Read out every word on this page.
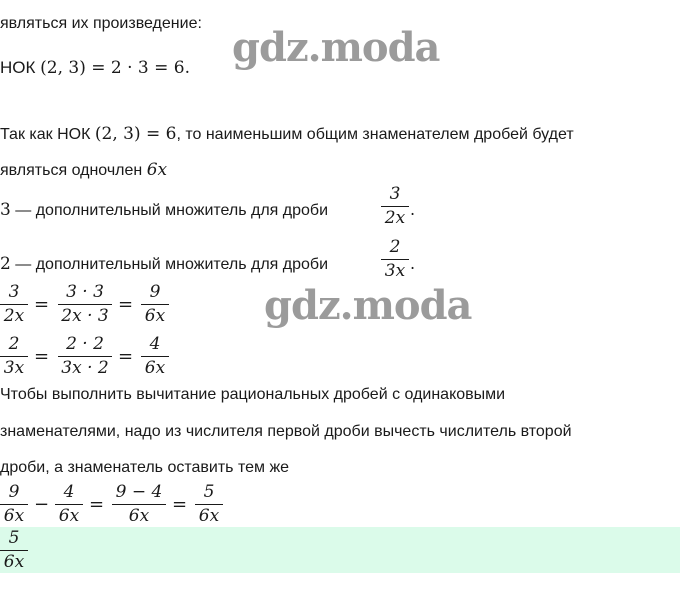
gdz.moda
gdz.moda
являться их произведение:
НОК (2, 3) = 2 · 3 = 6.
Так как НОК (2, 3) = 6, то наименьшим общим знаменателем дробей будет
являться одночлен 6x
3 — дополнительный множитель для дроби
3
2x .
2 — дополнительный множитель для дроби
2
3x .
3
2x
=
3 · 3
2x · 3
=
9
6x
2
3x
=
2 · 2
3x · 2
=
4
6x
Чтобы выполнить вычитание рациональных дробей с одинаковыми
знаменателями, надо из числителя первой дроби вычесть числитель второй
дроби, а знаменатель оставить тем же
9
6x
−
4
6x
=
9 − 4
6x
=
5
6x
5
6x
